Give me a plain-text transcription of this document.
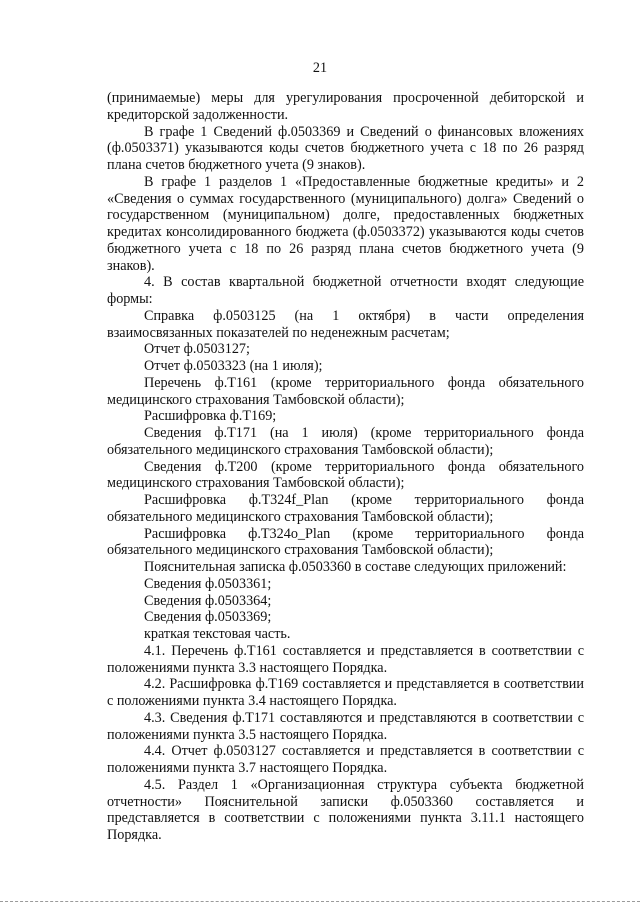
21

(принимаемые) меры для урегулирования просроченной дебиторской и кредиторской задолженности.

В графе 1 Сведений ф.0503369 и Сведений о финансовых вложениях (ф.0503371) указываются коды счетов бюджетного учета с 18 по 26 разряд плана счетов бюджетного учета (9 знаков).

В графе 1 разделов 1 «Предоставленные бюджетные кредиты» и 2 «Сведения о суммах государственного (муниципального) долга» Сведений о государственном (муниципальном) долге, предоставленных бюджетных кредитах консолидированного бюджета (ф.0503372) указываются коды счетов бюджетного учета с 18 по 26 разряд плана счетов бюджетного учета (9 знаков).

4. В состав квартальной бюджетной отчетности входят следующие формы:

Справка ф.0503125 (на 1 октября) в части определения взаимосвязанных показателей по неденежным расчетам;

Отчет ф.0503127;

Отчет ф.0503323 (на 1 июля);

Перечень ф.Т161 (кроме территориального фонда обязательного медицинского страхования Тамбовской области);

Расшифровка ф.Т169;

Сведения ф.Т171 (на 1 июля) (кроме территориального фонда обязательного медицинского страхования Тамбовской области);

Сведения ф.Т200 (кроме территориального фонда обязательного медицинского страхования Тамбовской области);

Расшифровка ф.Т324f_Plan (кроме территориального фонда обязательного медицинского страхования Тамбовской области);

Расшифровка ф.Т324o_Plan (кроме территориального фонда обязательного медицинского страхования Тамбовской области);

Пояснительная записка ф.0503360 в составе следующих приложений:

Сведения ф.0503361;

Сведения ф.0503364;

Сведения ф.0503369;

краткая текстовая часть.

4.1. Перечень ф.Т161 составляется и представляется в соответствии с положениями пункта 3.3 настоящего Порядка.

4.2. Расшифровка ф.Т169 составляется и представляется в соответствии с положениями пункта 3.4 настоящего Порядка.

4.3. Сведения ф.Т171 составляются и представляются в соответствии с положениями пункта 3.5 настоящего Порядка.

4.4. Отчет ф.0503127 составляется и представляется в соответствии с положениями пункта 3.7 настоящего Порядка.

4.5. Раздел 1 «Организационная структура субъекта бюджетной отчетности» Пояснительной записки ф.0503360 составляется и представляется в соответствии с положениями пункта 3.11.1 настоящего Порядка.
